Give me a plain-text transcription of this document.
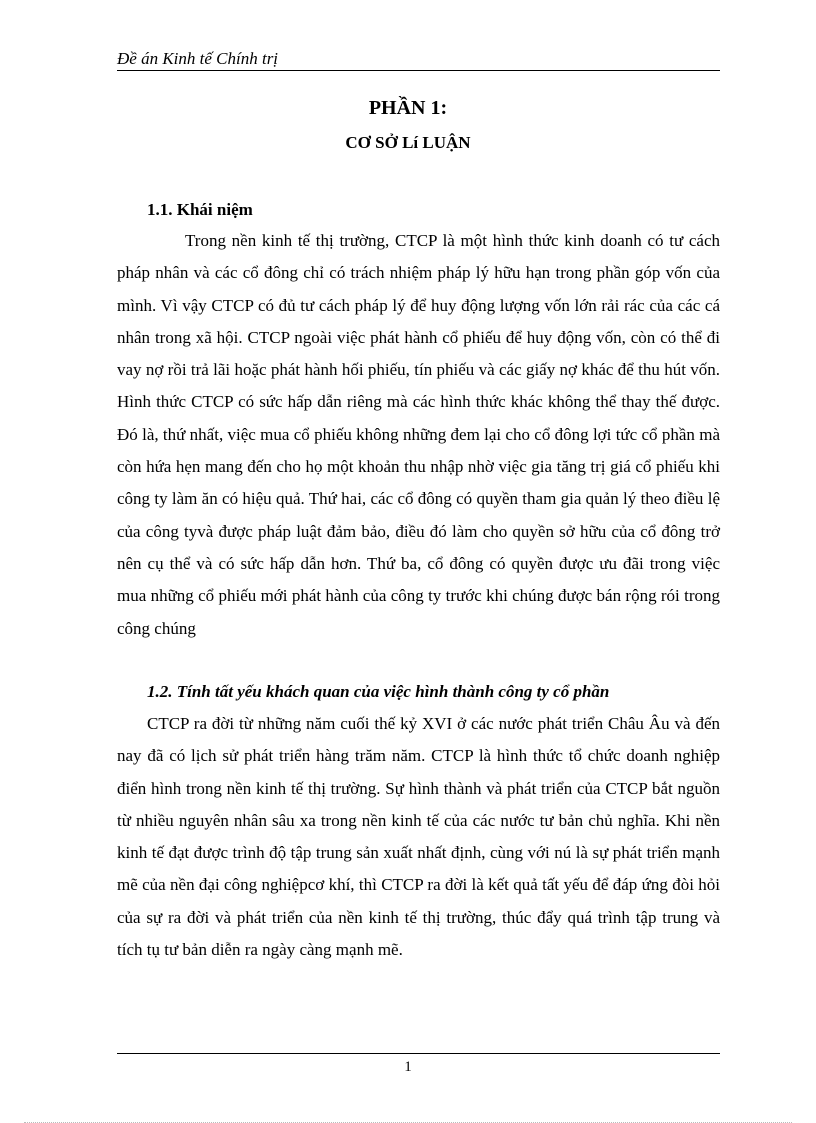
Đề án Kinh tế Chính trị
PHẦN 1:
CƠ SỞ Lí LUẬN
1.1. Khái niệm

Trong nền kinh tế thị trường, CTCP là một hình thức kinh doanh có tư cách pháp nhân và các cổ đông chỉ có trách nhiệm pháp lý hữu hạn trong phần góp vốn của mình. Vì vậy CTCP có đủ tư cách pháp lý để huy động lượng vốn lớn rải rác của các cá nhân trong xã hội. CTCP ngoài việc phát hành cổ phiếu để huy động vốn, còn có thể đi vay nợ rồi trả lãi hoặc phát hành hối phiếu, tín phiếu và các giấy nợ khác để thu hút vốn. Hình thức CTCP có sức hấp dẫn riêng mà các hình thức khác không thể thay thế được. Đó là, thứ nhất, việc mua cổ phiếu không những đem lại cho cổ đông lợi tức cổ phần mà còn hứa hẹn mang đến cho họ một khoản thu nhập nhờ việc gia tăng trị giá cổ phiếu khi công ty làm ăn có hiệu quả. Thứ hai, các cổ đông có quyền tham gia quản lý theo điều lệ của công tyvà được pháp luật đảm bảo, điều đó làm cho quyền sở hữu của cổ đông trở nên cụ thể và có sức hấp dẫn hơn. Thứ ba, cổ đông có quyền được ưu đãi trong việc mua những cổ phiếu mới phát hành của công ty trước khi chúng được bán rộng rói trong công chúng

1.2. Tính tất yếu khách quan của việc hình thành công ty cổ phần

CTCP ra đời từ những năm cuối thế kỷ XVI ở các nước phát triển Châu Âu và đến nay đã có lịch sử phát triển hàng trăm năm. CTCP là hình thức tổ chức doanh nghiệp điển hình trong nền kinh tế thị trường. Sự hình thành và phát triển của CTCP bắt nguồn từ nhiều nguyên nhân sâu xa trong nền kinh tế của các nước tư bản chủ nghĩa. Khi nền kinh tế đạt được trình độ tập trung sản xuất nhất định, cùng với nú là sự phát triển mạnh mẽ của nền đại công nghiệpcơ khí, thì CTCP ra đời là kết quả tất yếu để đáp ứng đòi hỏi của sự ra đời và phát triển của nền kinh tế thị trường, thúc đẩy quá trình tập trung và tích tụ tư bản diễn ra ngày càng mạnh mẽ.

1
